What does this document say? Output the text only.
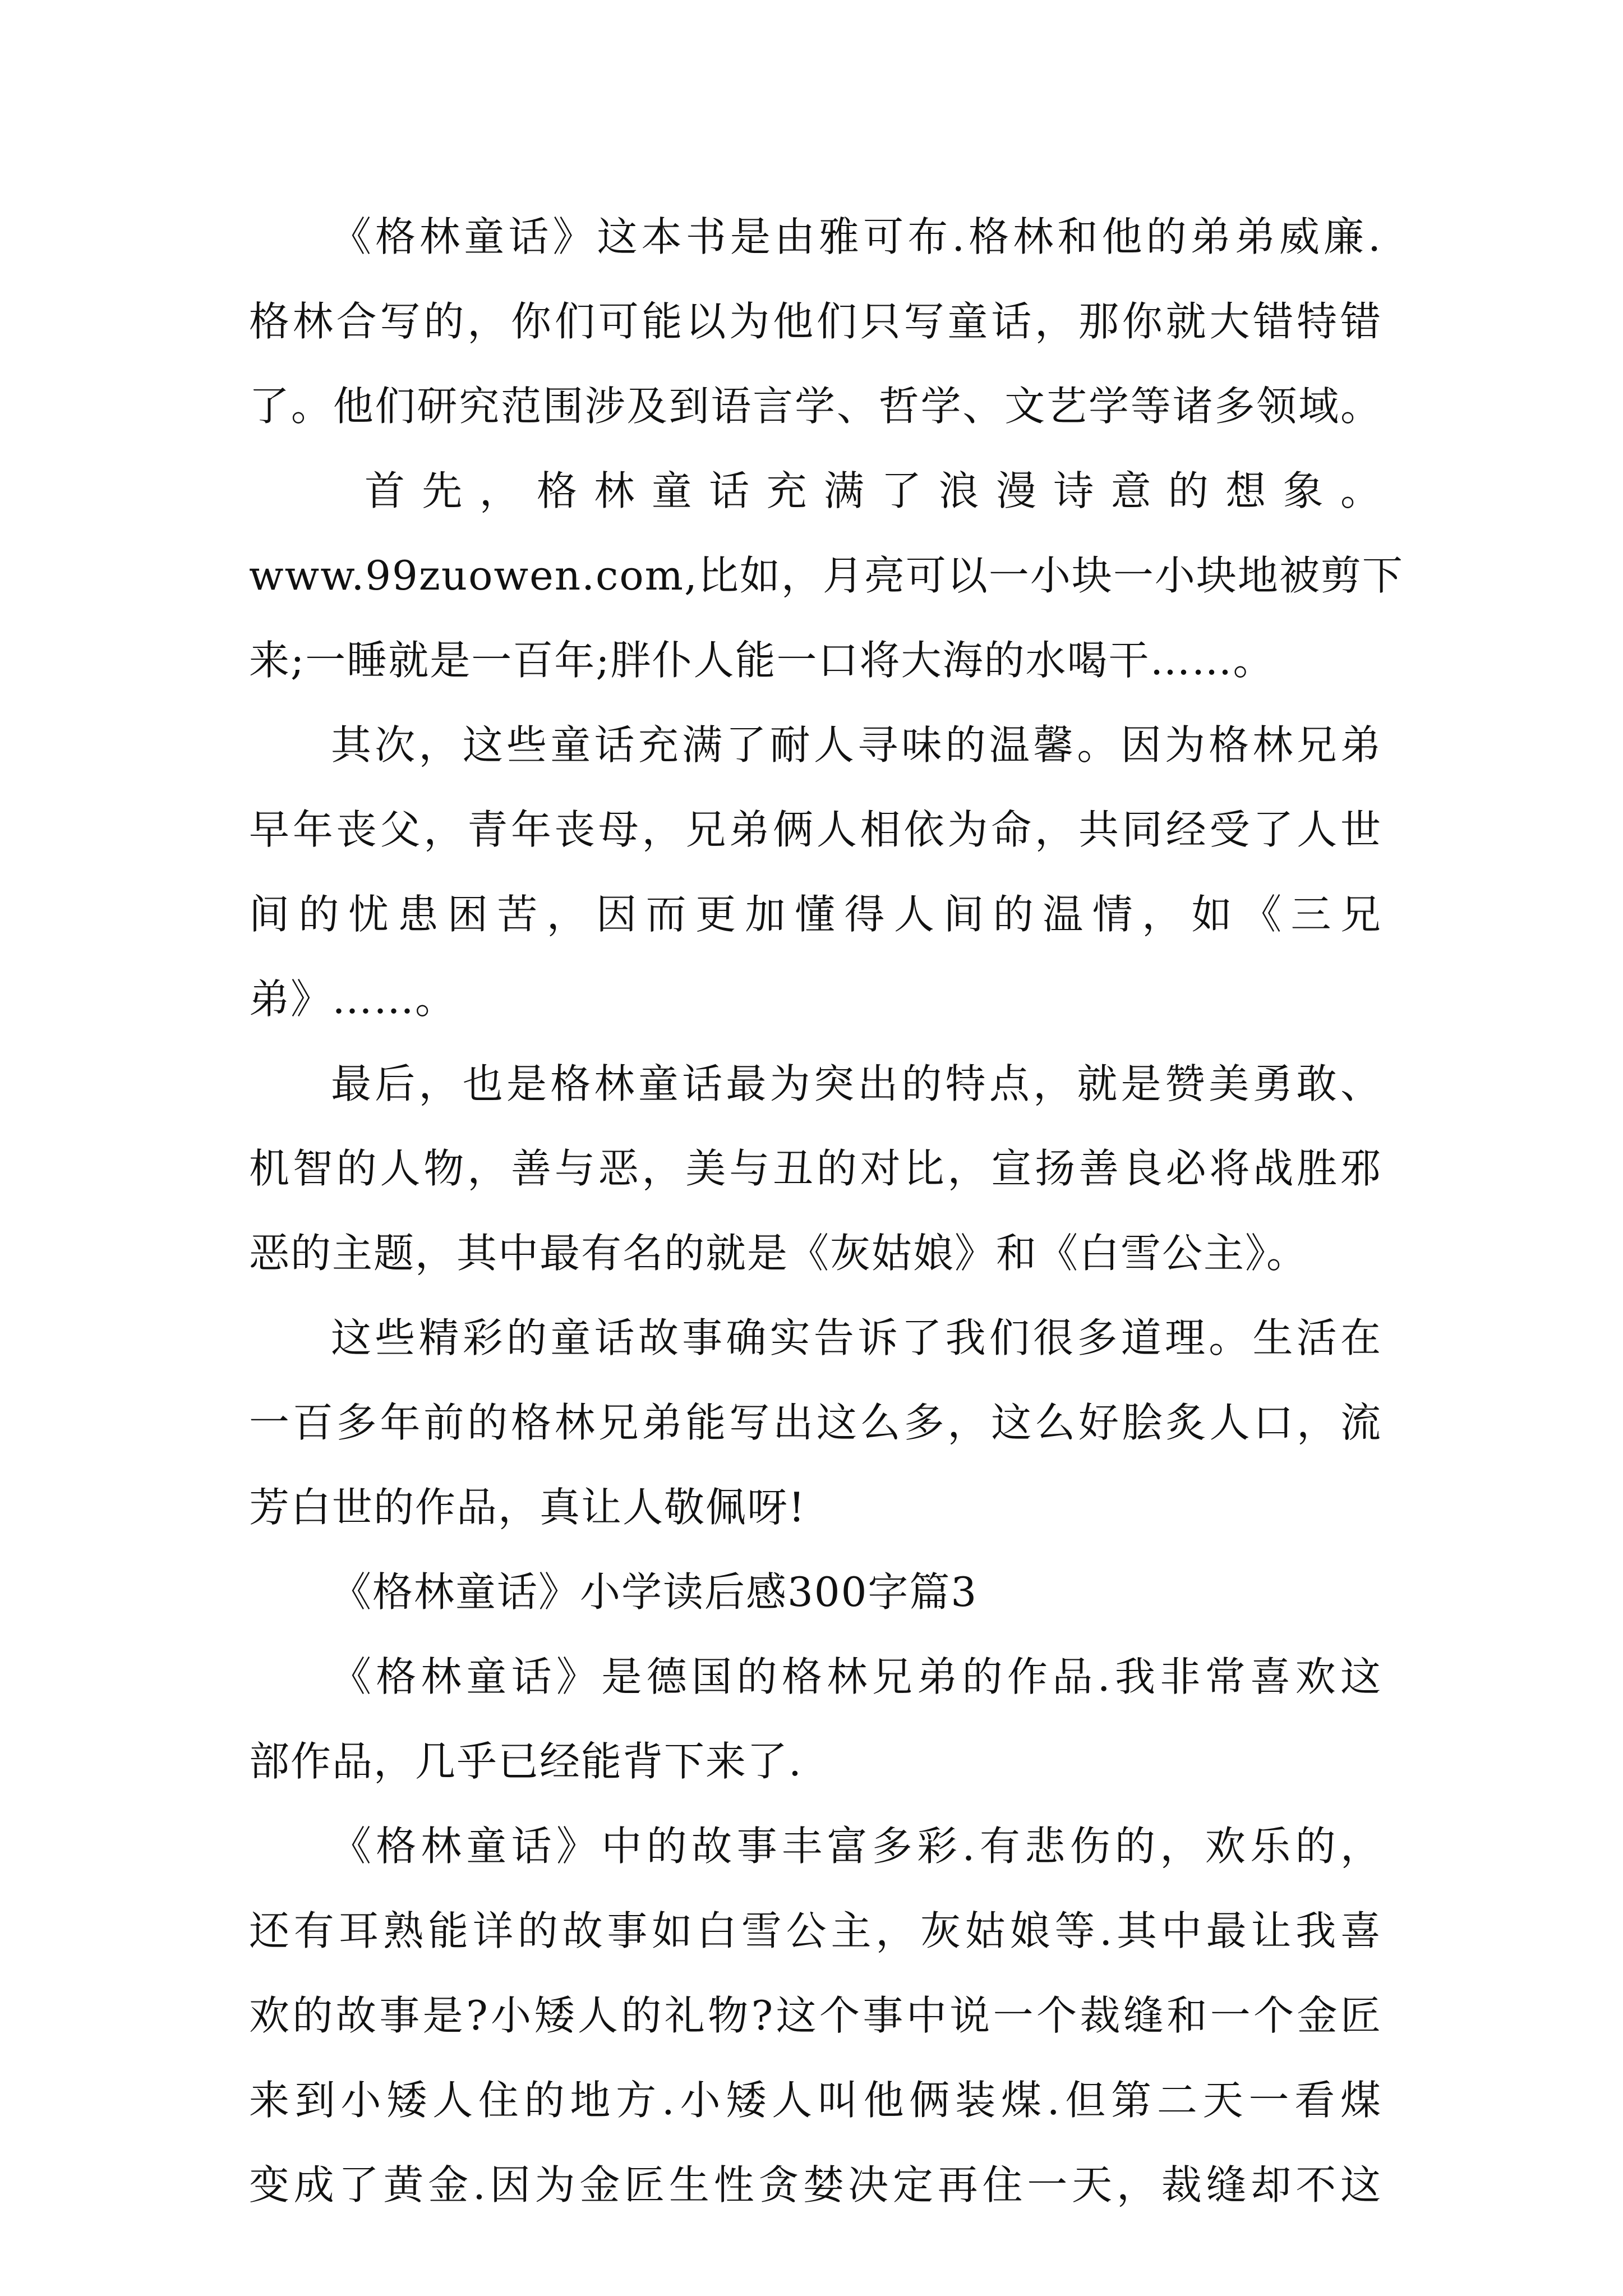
《格林童话》这本书是由雅可布.格林和他的弟弟威廉.
格林合写的，你们可能以为他们只写童话，那你就大错特错
了。他们研究范围涉及到语言学、哲学、文艺学等诸多领域。
首先，格林童话充满了浪漫诗意的想象。
www.99zuowen.com,比如，月亮可以一小块一小块地被剪下
来;一睡就是一百年;胖仆人能一口将大海的水喝干……。
其次，这些童话充满了耐人寻味的温馨。因为格林兄弟
早年丧父，青年丧母，兄弟俩人相依为命，共同经受了人世
间的忧患困苦，因而更加懂得人间的温情，如《三兄
弟》……。
最后，也是格林童话最为突出的特点，就是赞美勇敢、
机智的人物，善与恶，美与丑的对比，宣扬善良必将战胜邪
恶的主题，其中最有名的就是《灰姑娘》和《白雪公主》。
这些精彩的童话故事确实告诉了我们很多道理。生活在
一百多年前的格林兄弟能写出这么多，这么好脍炙人口，流
芳白世的作品，真让人敬佩呀!
《格林童话》小学读后感300字篇3
《格林童话》是德国的格林兄弟的作品.我非常喜欢这
部作品，几乎已经能背下来了.
《格林童话》中的故事丰富多彩.有悲伤的，欢乐的，
还有耳熟能详的故事如白雪公主，灰姑娘等.其中最让我喜
欢的故事是?小矮人的礼物?这个事中说一个裁缝和一个金匠
来到小矮人住的地方.小矮人叫他俩装煤.但第二天一看煤
变成了黄金.因为金匠生性贪婪决定再住一天，裁缝却不这
